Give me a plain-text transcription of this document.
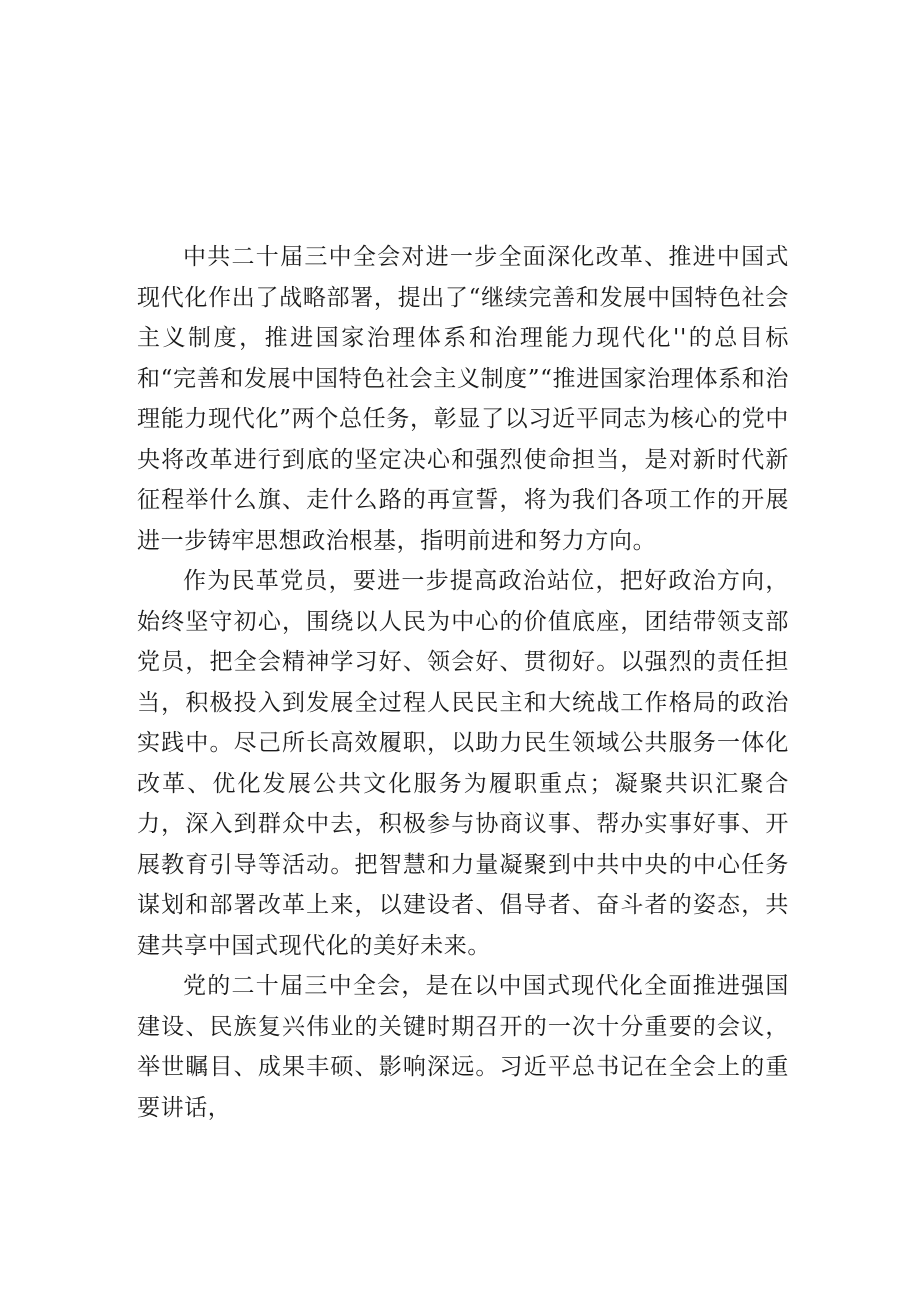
中共二十届三中全会对进一步全面深化改革、推进中国式现代化作出了战略部署，提出了“继续完善和发展中国特色社会主义制度，推进国家治理体系和治理能力现代化''的总目标和“完善和发展中国特色社会主义制度”“推进国家治理体系和治理能力现代化”两个总任务，彰显了以习近平同志为核心的党中央将改革进行到底的坚定决心和强烈使命担当，是对新时代新征程举什么旗、走什么路的再宣誓，将为我们各项工作的开展进一步铸牢思想政治根基，指明前进和努力方向。

作为民革党员，要进一步提高政治站位，把好政治方向，始终坚守初心，围绕以人民为中心的价值底座，团结带领支部党员，把全会精神学习好、领会好、贯彻好。以强烈的责任担当，积极投入到发展全过程人民民主和大统战工作格局的政治实践中。尽己所长高效履职，以助力民生领域公共服务一体化改革、优化发展公共文化服务为履职重点；凝聚共识汇聚合力，深入到群众中去，积极参与协商议事、帮办实事好事、开展教育引导等活动。把智慧和力量凝聚到中共中央的中心任务谋划和部署改革上来，以建设者、倡导者、奋斗者的姿态，共建共享中国式现代化的美好未来。

党的二十届三中全会，是在以中国式现代化全面推进强国建设、民族复兴伟业的关键时期召开的一次十分重要的会议，举世瞩目、成果丰硕、影响深远。习近平总书记在全会上的重要讲话，
